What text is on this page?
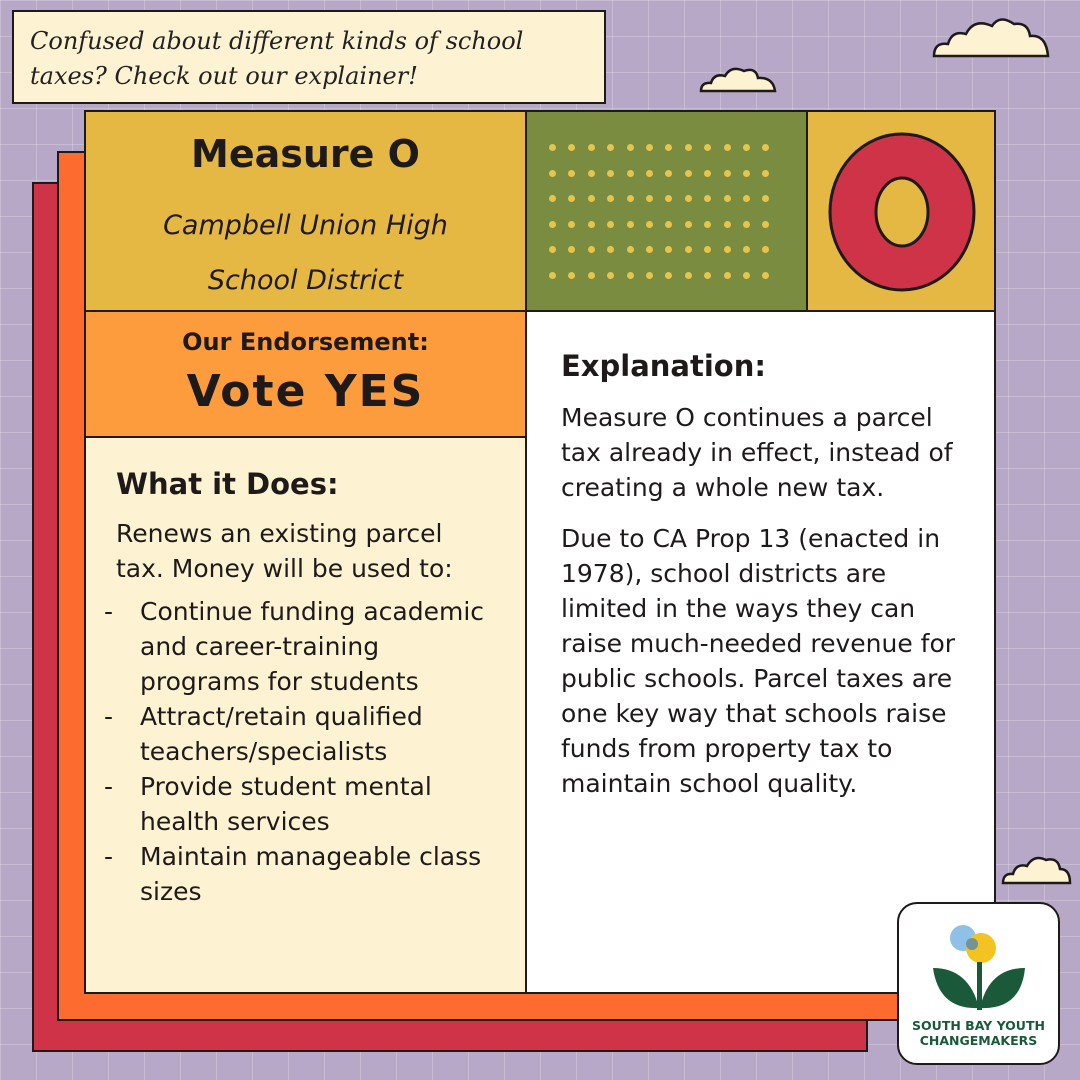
Confused about different kinds of school taxes? Check out our explainer!
Measure O
Campbell Union High School District
Our Endorsement:
Vote YES
What it Does:

Renews an existing parcel tax. Money will be used to:

- Continue funding academic and career-training programs for students
- Attract/retain qualified teachers/specialists
- Provide student mental health services
- Maintain manageable class sizes
Explanation:

Measure O continues a parcel tax already in effect, instead of creating a whole new tax.

Due to CA Prop 13 (enacted in 1978), school districts are limited in the ways they can raise much-needed revenue for public schools. Parcel taxes are one key way that schools raise funds from property tax to maintain school quality.

SOUTH BAY YOUTH CHANGEMAKERS
